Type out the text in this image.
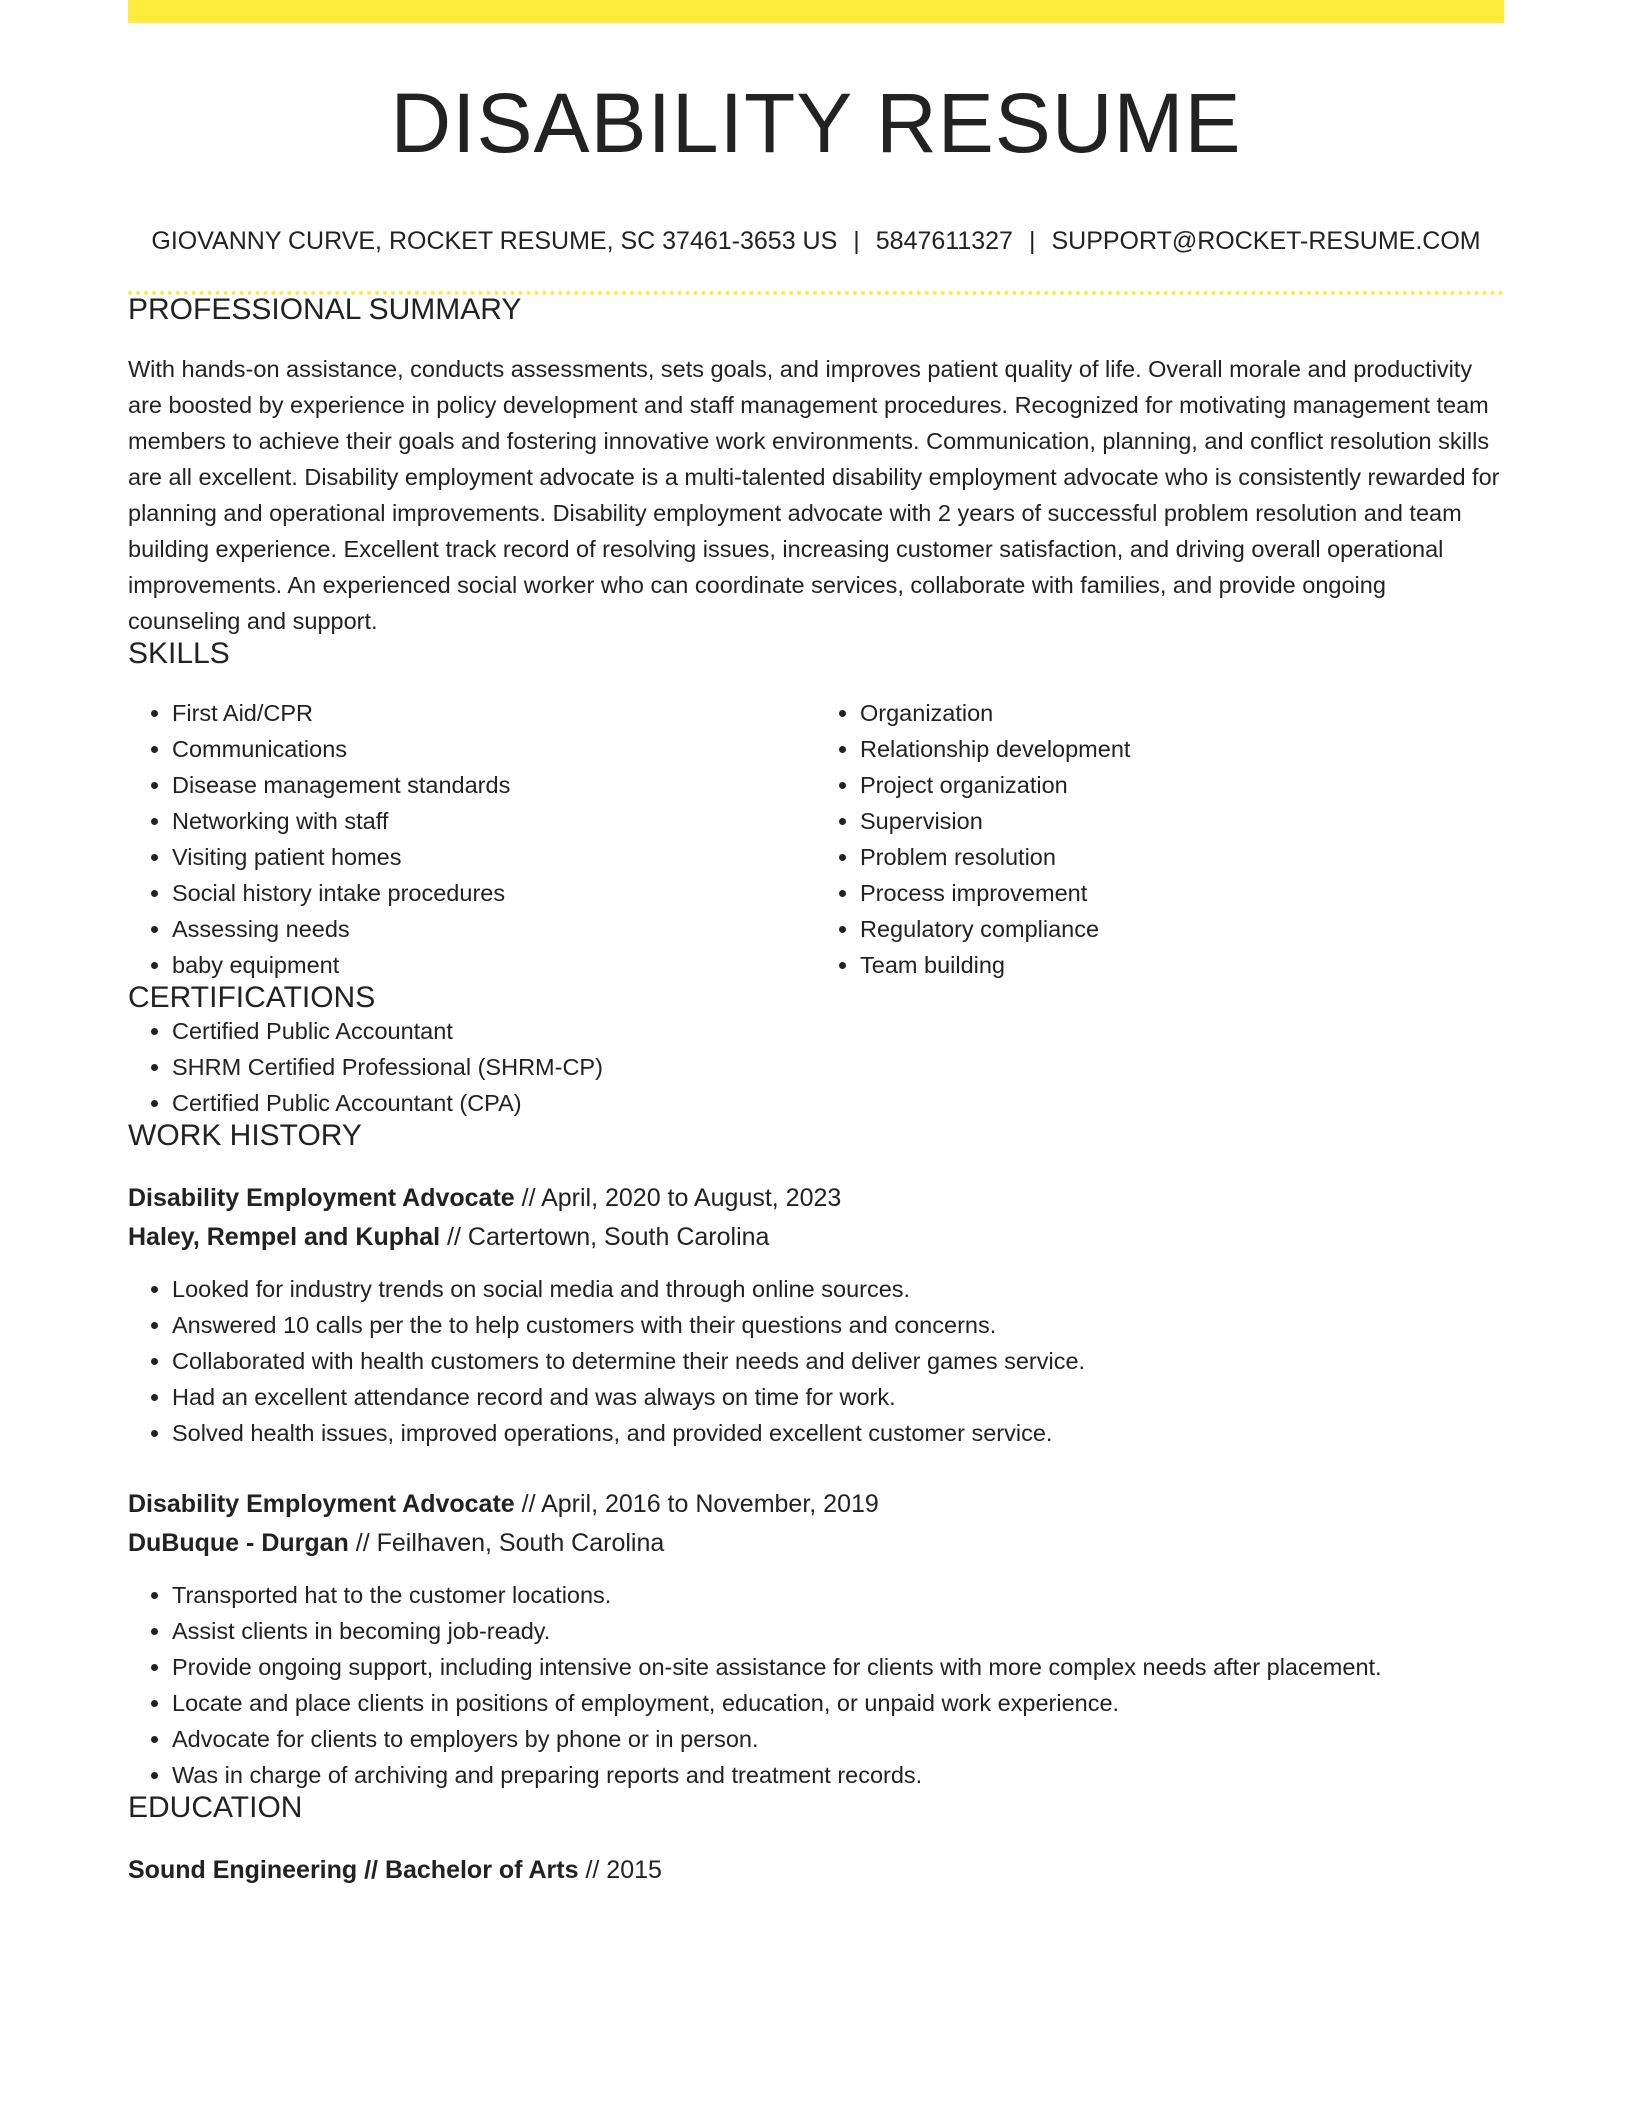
DISABILITY RESUME
GIOVANNY CURVE, ROCKET RESUME, SC 37461-3653 US | 5847611327 | SUPPORT@ROCKET-RESUME.COM
PROFESSIONAL SUMMARY
With hands-on assistance, conducts assessments, sets goals, and improves patient quality of life. Overall morale and productivity are boosted by experience in policy development and staff management procedures. Recognized for motivating management team members to achieve their goals and fostering innovative work environments. Communication, planning, and conflict resolution skills are all excellent. Disability employment advocate is a multi-talented disability employment advocate who is consistently rewarded for planning and operational improvements. Disability employment advocate with 2 years of successful problem resolution and team building experience. Excellent track record of resolving issues, increasing customer satisfaction, and driving overall operational improvements. An experienced social worker who can coordinate services, collaborate with families, and provide ongoing counseling and support.
SKILLS
• First Aid/CPR
• Communications
• Disease management standards
• Networking with staff
• Visiting patient homes
• Social history intake procedures
• Assessing needs
• baby equipment
• Organization
• Relationship development
• Project organization
• Supervision
• Problem resolution
• Process improvement
• Regulatory compliance
• Team building
CERTIFICATIONS
• Certified Public Accountant
• SHRM Certified Professional (SHRM-CP)
• Certified Public Accountant (CPA)
WORK HISTORY
Disability Employment Advocate // April, 2020 to August, 2023
Haley, Rempel and Kuphal // Cartertown, South Carolina
• Looked for industry trends on social media and through online sources.
• Answered 10 calls per the to help customers with their questions and concerns.
• Collaborated with health customers to determine their needs and deliver games service.
• Had an excellent attendance record and was always on time for work.
• Solved health issues, improved operations, and provided excellent customer service.
Disability Employment Advocate // April, 2016 to November, 2019
DuBuque - Durgan // Feilhaven, South Carolina
• Transported hat to the customer locations.
• Assist clients in becoming job-ready.
• Provide ongoing support, including intensive on-site assistance for clients with more complex needs after placement.
• Locate and place clients in positions of employment, education, or unpaid work experience.
• Advocate for clients to employers by phone or in person.
• Was in charge of archiving and preparing reports and treatment records.
EDUCATION
Sound Engineering // Bachelor of Arts // 2015
